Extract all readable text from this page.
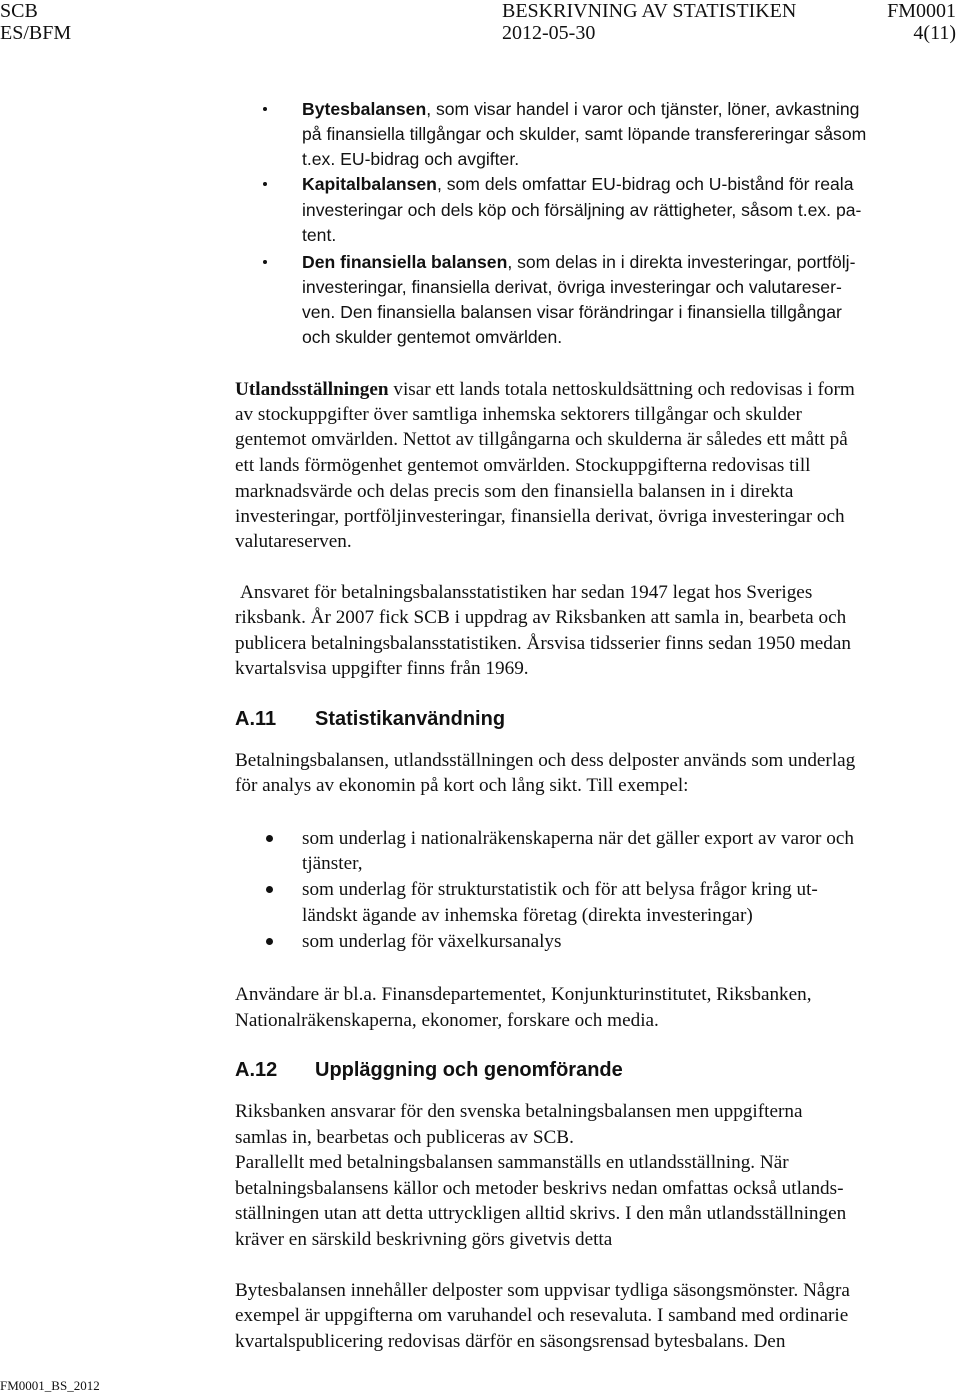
SCB	BESKRIVNING AV STATISTIKEN	FM0001
ES/BFM	2012-05-30	4(11)
Bytesbalansen, som visar handel i varor och tjänster, löner, avkastning
på finansiella tillgångar och skulder, samt löpande transfereringar såsom
t.ex. EU-bidrag och avgifter.
Kapitalbalansen, som dels omfattar EU-bidrag och U-bistånd för reala
investeringar och dels köp och försäljning av rättigheter, såsom t.ex. pa-
tent.
Den finansiella balansen, som delas in i direkta investeringar, portfölj-
investeringar, finansiella derivat, övriga investeringar och valutareser-
ven. Den finansiella balansen visar förändringar i finansiella tillgångar
och skulder gentemot omvärlden.
Utlandsställningen visar ett lands totala nettoskuldsättning och redovisas i form
av stockuppgifter över samtliga inhemska sektorers tillgångar och skulder
gentemot omvärlden. Nettot av tillgångarna och skulderna är således ett mått på
ett lands förmögenhet gentemot omvärlden. Stockuppgifterna redovisas till
marknadsvärde och delas precis som den finansiella balansen in i direkta
investeringar, portföljinvesteringar, finansiella derivat, övriga investeringar och
valutareserven.
Ansvaret för betalningsbalansstatistiken har sedan 1947 legat hos Sveriges
riksbank. År 2007 fick SCB i uppdrag av Riksbanken att samla in, bearbeta och
publicera betalningsbalansstatistiken. Årsvisa tidsserier finns sedan 1950 medan
kvartalsvisa uppgifter finns från 1969.
A.11 Statistikanvändning
Betalningsbalansen, utlandsställningen och dess delposter används som underlag
för analys av ekonomin på kort och lång sikt. Till exempel:
som underlag i nationalräkenskaperna när det gäller export av varor och
tjänster,
som underlag för strukturstatistik och för att belysa frågor kring ut-
ländskt ägande av inhemska företag (direkta investeringar)
som underlag för växelkursanalys
Användare är bl.a. Finansdepartementet, Konjunkturinstitutet, Riksbanken,
Nationalräkenskaperna, ekonomer, forskare och media.
A.12 Uppläggning och genomförande
Riksbanken ansvarar för den svenska betalningsbalansen men uppgifterna
samlas in, bearbetas och publiceras av SCB.
Parallellt med betalningsbalansen sammanställs en utlandsställning. När
betalningsbalansens källor och metoder beskrivs nedan omfattas också utlands-
ställningen utan att detta uttryckligen alltid skrivs. I den mån utlandsställningen
kräver en särskild beskrivning görs givetvis detta
Bytesbalansen innehåller delposter som uppvisar tydliga säsongsmönster. Några
exempel är uppgifterna om varuhandel och resevaluta. I samband med ordinarie
kvartalspublicering redovisas därför en säsongsrensad bytesbalans. Den
FM0001_BS_2012
